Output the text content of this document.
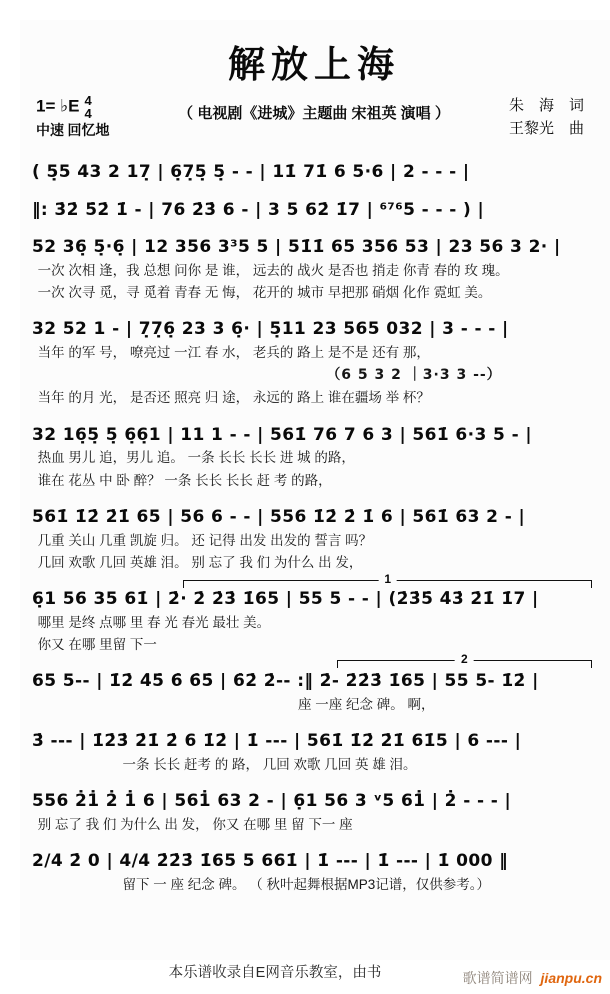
解放上海
1= ♭E 4
4
中速 回忆地
（ 电视剧《进城》主题曲 宋祖英 演唱 ）	朱　海　词
王黎光　曲
( 5̣5 43 2 17̣ | 6̣7̣5̣ 5̣ - - | 11̇ 71̇ 6 5·6 | 2 - - - |
‖: 3̇2̇ 5̇2̇ 1̇ - | 76 2̇3̇ 6 - | 3 5 62̇ 1̇7 | ⁶⁷⁶5 - - - ) |
52 36̣ 5̣·6̣ | 12 356 3³5 5 | 51̇1̇ 65 356 53 | 23 56 3 2· |
一次 次相 逢，我 总想 问你 是 谁， 远去的 战火 是否也 捎走 你青 春的 玫 瑰。
一次 次寻 觅，寻 觅着 青春 无 悔， 花开的 城市 早把那 硝烟 化作 霓虹 美。
32 52 1 - | 7̣7̣6̣ 23 3 6̣· | 5̣11 23 565 032 | 3 - - - |
当年 的军 号， 嘹亮过 一江 春 水， 老兵的 路上 是不是 还有 那，
（6 5 3 2 ｜3·3 3 --）
当年 的月 光， 是否还 照亮 归 途， 永远的 路上 谁在疆场 举 杯？
32 16̣5̣ 5̣ 6̣6̣1 | 11 1 - - | 561̇ 76 7 6 3 | 561̇ 6·3 5 - |
热血 男儿 追，男儿 追。 一条 长长 长长 进 城 的路，
谁在 花丛 中 卧 醉？ 一条 长长 长长 赶 考 的路，
561̇ 1̇2̇ 2̇1̇ 65 | 56 6 - - | 556 1̇2̇ 2̇ 1̇ 6 | 561̇ 63 2 - |
几重 关山 几重 凯旋 归。 还 记得 出发 出发的 誓言 吗？
几回 欢歌 几回 英雄 泪。 别 忘了 我 们 为什么 出 发，
1
6̣1 56 35 61̇ | 2̇· 2̇ 2̇3̇ 1̇65 | 55 5 - - | (2̇3̇5̇ 4̇3̇ 2̇1̇ 1̇7 |
哪里 是终 点哪 里 春 光 春光 最壮 美。
你又 在哪 里留 下一
2
65 5-- | 1̇2̇ 4̇5̇ 6̇ 6̇5̇ | 6̇2̇ 2̇-- :‖ 2̇- 2̇2̇3̇ 1̇65 | 55 5- 1̇2̇ |
座 一座 纪念 碑。 啊，
3̇ --- | 1̇2̇3̇ 2̇1̇ 2̇ 6 1̇2̇ | 1̇ --- | 561̇ 1̇2̇ 2̇1̇ 61̇5 | 6 --- |
一条 长长 赶考 的 路， 几回 欢歌 几回 英 雄 泪。
556 2̇1̇ 2̇ 1̇ 6 | 561̇ 63 2 - | 6̣1 56 3 ᵛ5 61̇ | 2̇ - - - |
别 忘了 我 们 为什么 出 发， 你又 在哪 里 留 下一 座
2/4 2̇ 0 | 4/4 2̇2̇3̇ 1̇65 5 661̇ | 1̇ --- | 1̇ --- | 1̇ 000 ‖
留下 一 座 纪念 碑。 （ 秋叶起舞根据MP3记谱，仅供参考。）
本乐谱收录自E网音乐教室，由书	歌谱简谱网 jianpu.cn
